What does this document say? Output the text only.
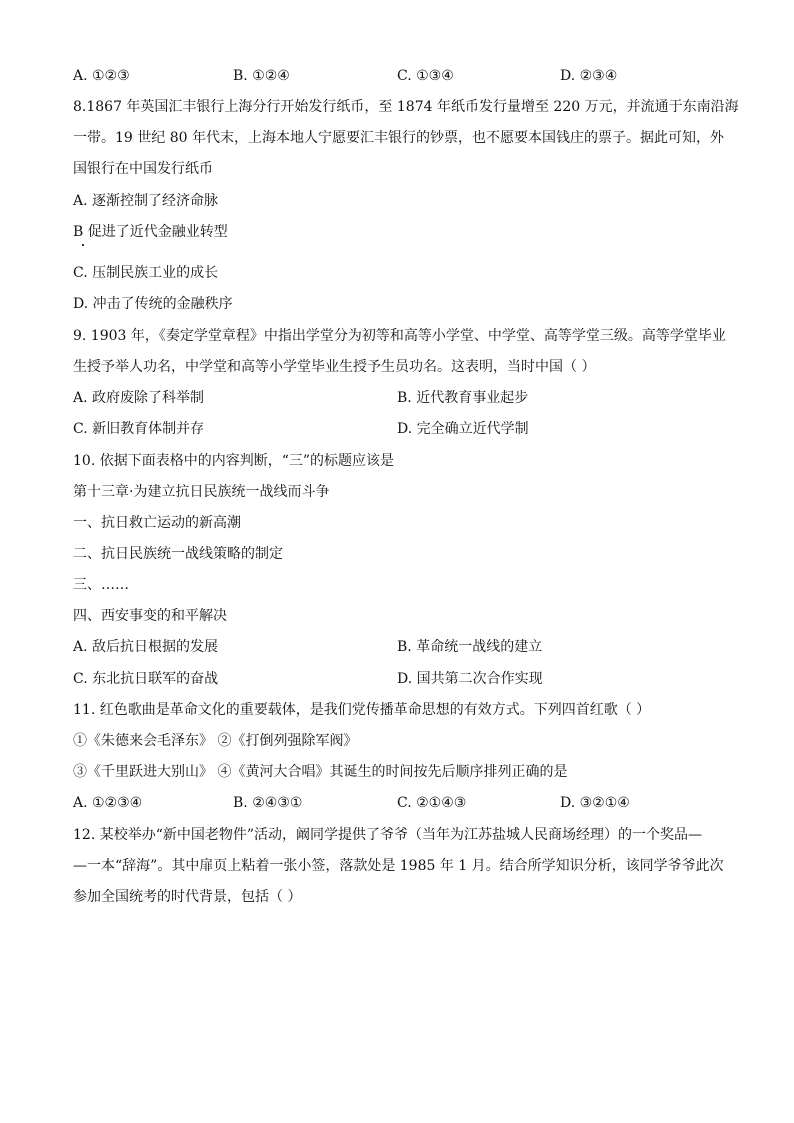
A. ①②③	B. ①②④	C. ①③④	D. ②③④
8.1867 年英国汇丰银行上海分行开始发行纸币，至 1874 年纸币发行量增至 220 万元，并流通于东南沿海
一带。19 世纪 80 年代末，上海本地人宁愿要汇丰银行的钞票，也不愿要本国钱庄的票子。据此可知，外
国银行在中国发行纸币
A. 逐渐控制了经济命脉
B 促进了近代金融业转型
C. 压制民族工业的成长
D. 冲击了传统的金融秩序
9. 1903 年，《奏定学堂章程》中指出学堂分为初等和高等小学堂、中学堂、高等学堂三级。高等学堂毕业
生授予举人功名，中学堂和高等小学堂毕业生授予生员功名。这表明，当时中国（ ）
A. 政府废除了科举制	B. 近代教育事业起步
C. 新旧教育体制并存	D. 完全确立近代学制
10. 依据下面表格中的内容判断，“三”的标题应该是
第十三章·为建立抗日民族统一战线而斗争
一、抗日救亡运动的新高潮
二、抗日民族统一战线策略的制定
三、……
四、西安事变的和平解决
A. 敌后抗日根据的发展	B. 革命统一战线的建立
C. 东北抗日联军的奋战	D. 国共第二次合作实现
11. 红色歌曲是革命文化的重要载体，是我们党传播革命思想的有效方式。下列四首红歌（ ）
①《朱德来会毛泽东》 ②《打倒列强除军阀》
③《千里跃进大别山》 ④《黄河大合唱》其诞生的时间按先后顺序排列正确的是
A. ①②③④	B. ②④③①	C. ②①④③	D. ③②①④
12. 某校举办“新中国老物件”活动，阚同学提供了爷爷（当年为江苏盐城人民商场经理）的一个奖品—
—一本“辞海”。其中扉页上粘着一张小签，落款处是 1985 年 1 月。结合所学知识分析，该同学爷爷此次
参加全国统考的时代背景，包括（ ）
